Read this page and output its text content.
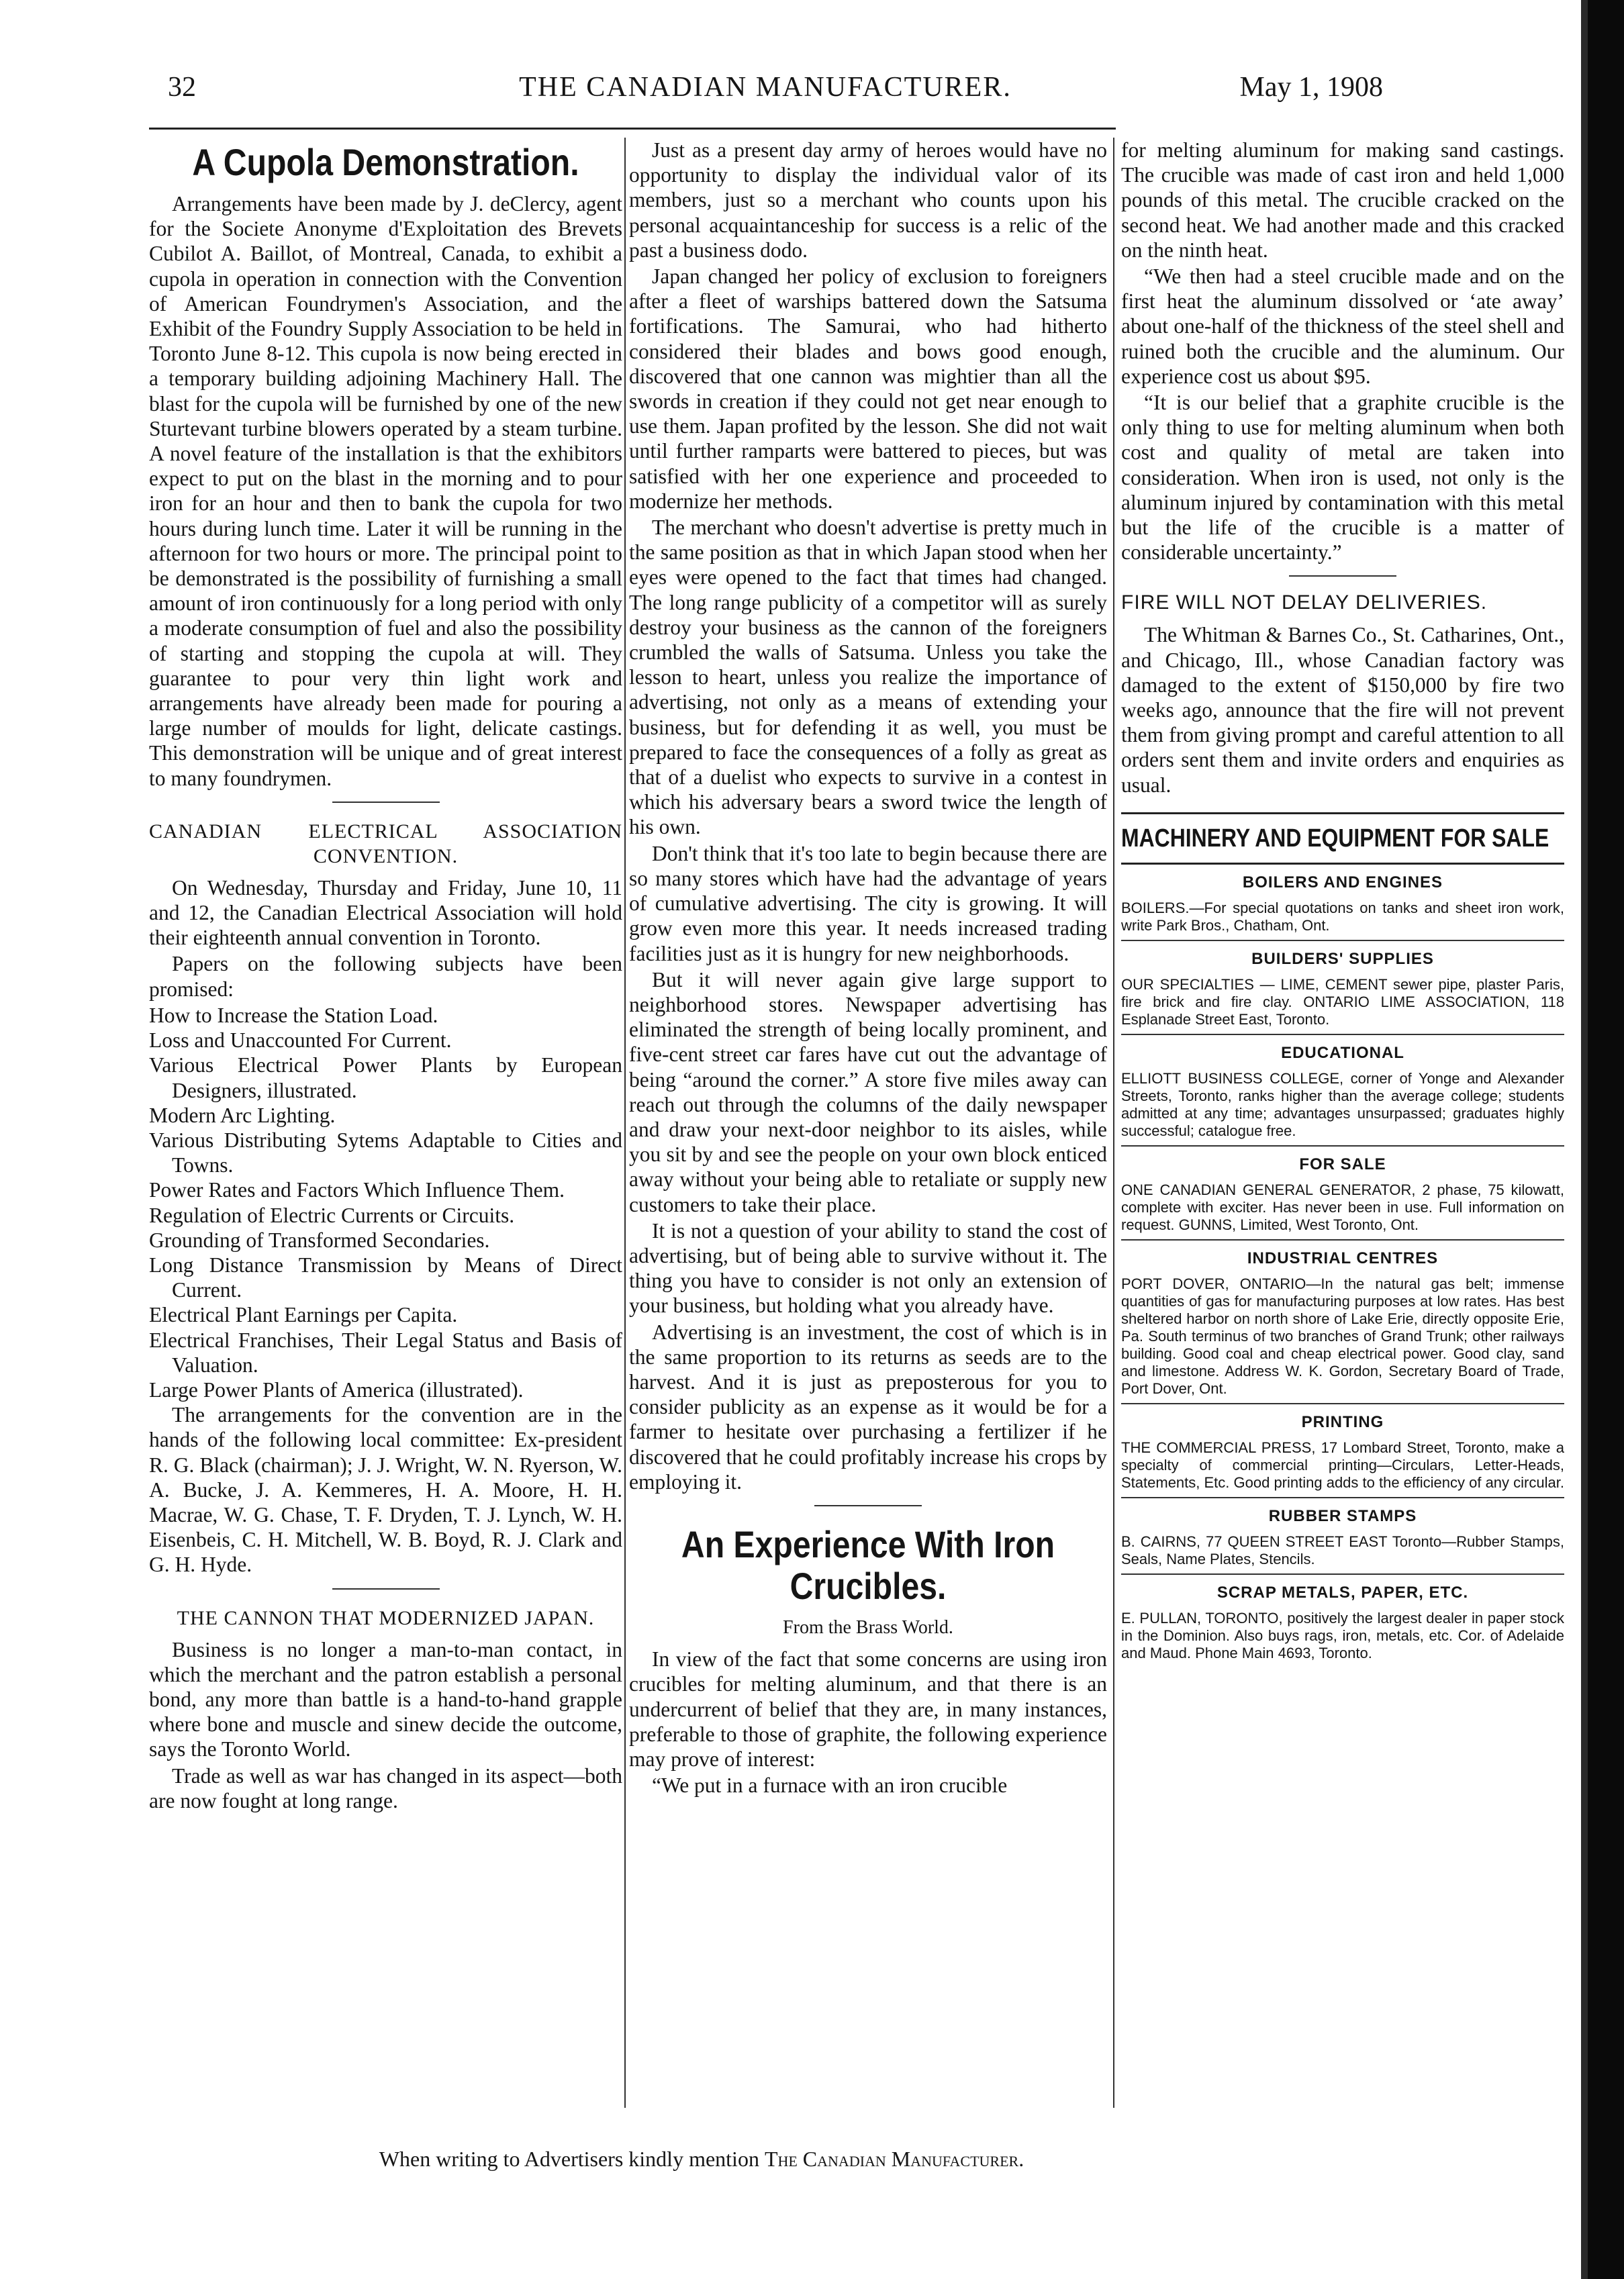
32	THE CANADIAN MANUFACTURER.	May 1, 1908
A Cupola Demonstration.

Arrangements have been made by J. deClercy, agent for the Societe Anonyme d'Exploitation des Brevets Cubilot A. Baillot, of Montreal, Canada, to exhibit a cupola in operation in connection with the Convention of American Foundrymen's Association, and the Exhibit of the Foundry Supply Association to be held in Toronto June 8-12. This cupola is now being erected in a temporary building adjoining Machinery Hall. The blast for the cupola will be furnished by one of the new Sturtevant turbine blowers operated by a steam turbine. A novel feature of the installation is that the exhibitors expect to put on the blast in the morning and to pour iron for an hour and then to bank the cupola for two hours during lunch time. Later it will be running in the afternoon for two hours or more. The principal point to be demonstrated is the possibility of furnishing a small amount of iron continuously for a long period with only a moderate consumption of fuel and also the possibility of starting and stopping the cupola at will. They guarantee to pour very thin light work and arrangements have already been made for pouring a large number of moulds for light, delicate castings. This demonstration will be unique and of great interest to many foundrymen.

CANADIAN ELECTRICAL ASSOCIATION CONVENTION.

On Wednesday, Thursday and Friday, June 10, 11 and 12, the Canadian Electrical Association will hold their eighteenth annual convention in Toronto.

Papers on the following subjects have been promised:

How to Increase the Station Load.

Loss and Unaccounted For Current.

Various Electrical Power Plants by European Designers, illustrated.

Modern Arc Lighting.

Various Distributing Sytems Adaptable to Cities and Towns.

Power Rates and Factors Which Influence Them.

Regulation of Electric Currents or Circuits.

Grounding of Transformed Secondaries.

Long Distance Transmission by Means of Direct Current.

Electrical Plant Earnings per Capita.

Electrical Franchises, Their Legal Status and Basis of Valuation.

Large Power Plants of America (illustrated).

The arrangements for the convention are in the hands of the following local committee: Ex-president R. G. Black (chairman); J. J. Wright, W. N. Ryerson, W. A. Bucke, J. A. Kemmeres, H. A. Moore, H. H. Macrae, W. G. Chase, T. F. Dryden, T. J. Lynch, W. H. Eisenbeis, C. H. Mitchell, W. B. Boyd, R. J. Clark and G. H. Hyde.

THE CANNON THAT MODERNIZED JAPAN.

Business is no longer a man-to-man contact, in which the merchant and the patron establish a personal bond, any more than battle is a hand-to-hand grapple where bone and muscle and sinew decide the outcome, says the Toronto World.

Trade as well as war has changed in its aspect—both are now fought at long range.

Just as a present day army of heroes would have no opportunity to display the individual valor of its members, just so a merchant who counts upon his personal acquaintanceship for success is a relic of the past a business dodo.

Japan changed her policy of exclusion to foreigners after a fleet of warships battered down the Satsuma fortifications. The Samurai, who had hitherto considered their blades and bows good enough, discovered that one cannon was mightier than all the swords in creation if they could not get near enough to use them. Japan profited by the lesson. She did not wait until further ramparts were battered to pieces, but was satisfied with her one experience and proceeded to modernize her methods.

The merchant who doesn't advertise is pretty much in the same position as that in which Japan stood when her eyes were opened to the fact that times had changed. The long range publicity of a competitor will as surely destroy your business as the cannon of the foreigners crumbled the walls of Satsuma. Unless you take the lesson to heart, unless you realize the importance of advertising, not only as a means of extending your business, but for defending it as well, you must be prepared to face the consequences of a folly as great as that of a duelist who expects to survive in a contest in which his adversary bears a sword twice the length of his own.

Don't think that it's too late to begin because there are so many stores which have had the advantage of years of cumulative advertising. The city is growing. It will grow even more this year. It needs increased trading facilities just as it is hungry for new neighborhoods.

But it will never again give large support to neighborhood stores. Newspaper advertising has eliminated the strength of being locally prominent, and five-cent street car fares have cut out the advantage of being “around the corner.” A store five miles away can reach out through the columns of the daily newspaper and draw your next-door neighbor to its aisles, while you sit by and see the people on your own block enticed away without your being able to retaliate or supply new customers to take their place.

It is not a question of your ability to stand the cost of advertising, but of being able to survive without it. The thing you have to consider is not only an extension of your business, but holding what you already have.

Advertising is an investment, the cost of which is in the same proportion to its returns as seeds are to the harvest. And it is just as preposterous for you to consider publicity as an expense as it would be for a farmer to hesitate over purchasing a fertilizer if he discovered that he could profitably increase his crops by employing it.

An Experience With Iron Crucibles.
From the Brass World.

In view of the fact that some concerns are using iron crucibles for melting aluminum, and that there is an undercurrent of belief that they are, in many instances, preferable to those of graphite, the following experience may prove of interest:

“We put in a furnace with an iron crucible

for melting aluminum for making sand castings. The crucible was made of cast iron and held 1,000 pounds of this metal. The crucible cracked on the second heat. We had another made and this cracked on the ninth heat.

“We then had a steel crucible made and on the first heat the aluminum dissolved or ‘ate away’ about one-half of the thickness of the steel shell and ruined both the crucible and the aluminum. Our experience cost us about $95.

“It is our belief that a graphite crucible is the only thing to use for melting aluminum when both cost and quality of metal are taken into consideration. When iron is used, not only is the aluminum injured by contamination with this metal but the life of the crucible is a matter of considerable uncertainty.”

FIRE WILL NOT DELAY DELIVERIES.

The Whitman & Barnes Co., St. Catharines, Ont., and Chicago, Ill., whose Canadian factory was damaged to the extent of $150,000 by fire two weeks ago, announce that the fire will not prevent them from giving prompt and careful attention to all orders sent them and invite orders and enquiries as usual.

MACHINERY AND EQUIPMENT FOR SALE
BOILERS AND ENGINES
BOILERS.—For special quotations on tanks and sheet iron work, write Park Bros., Chatham, Ont.
BUILDERS' SUPPLIES
OUR SPECIALTIES — LIME, CEMENT sewer pipe, plaster Paris, fire brick and fire clay. ONTARIO LIME ASSOCIATION, 118 Esplanade Street East, Toronto.
EDUCATIONAL
ELLIOTT BUSINESS COLLEGE, corner of Yonge and Alexander Streets, Toronto, ranks higher than the average college; students admitted at any time; advantages unsurpassed; graduates highly successful; catalogue free.
FOR SALE
ONE CANADIAN GENERAL GENERATOR, 2 phase, 75 kilowatt, complete with exciter. Has never been in use. Full information on request. GUNNS, Limited, West Toronto, Ont.
INDUSTRIAL CENTRES
PORT DOVER, ONTARIO—In the natural gas belt; immense quantities of gas for manufacturing purposes at low rates. Has best sheltered harbor on north shore of Lake Erie, directly opposite Erie, Pa. South terminus of two branches of Grand Trunk; other railways building. Good coal and cheap electrical power. Good clay, sand and limestone. Address W. K. Gordon, Secretary Board of Trade, Port Dover, Ont.
PRINTING
THE COMMERCIAL PRESS, 17 Lombard Street, Toronto, make a specialty of commercial printing—Circulars, Letter-Heads, Statements, Etc. Good printing adds to the efficiency of any circular.
RUBBER STAMPS
B. CAIRNS, 77 QUEEN STREET EAST Toronto—Rubber Stamps, Seals, Name Plates, Stencils.
SCRAP METALS, PAPER, ETC.
E. PULLAN, TORONTO, positively the largest dealer in paper stock in the Dominion. Also buys rags, iron, metals, etc. Cor. of Adelaide and Maud. Phone Main 4693, Toronto.
When writing to Advertisers kindly mention The Canadian Manufacturer.
